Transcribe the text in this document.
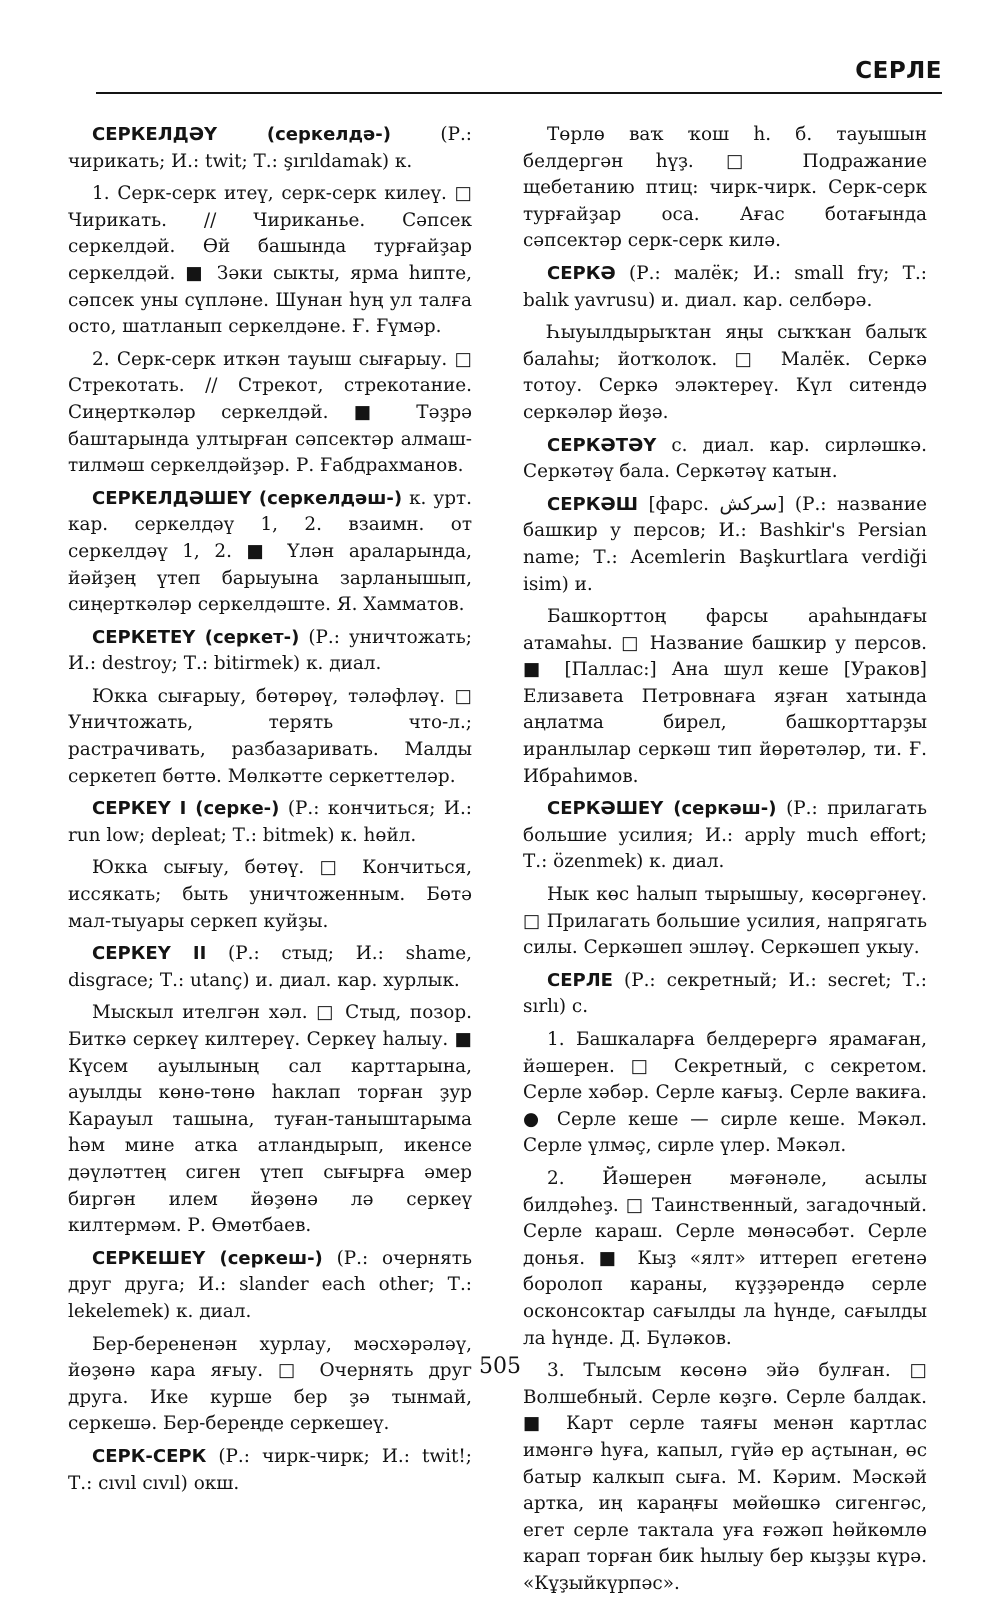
СЕРЛЕ

СЕРКЕЛДӘҮ (серкелдә-)	(Р.: чирикать; И.: twit; Т.: şırıldamak) к.

1. Серк-серк итеү, серк-серк килеү. □ Чирикать. // Чириканье. Сәпсек серкелдәй. Өй башында турғайҙар серкелдәй. ■ Зәки сыкты, ярма һипте, сәпсек уны сүпләне. Шунан һуң ул талға осто, шатланып серкелдәне. Ғ. Ғүмәр.

2. Серк-серк иткән тауыш сығарыу. □ Стрекотать. // Стрекот, стрекотание. Сиңерткәләр серкелдәй. ■ Тәҙрә баштарында ултырған сәпсектәр алмаш-тилмәш серкелдәйҙәр. Р. Ғабдрахманов.

СЕРКЕЛДӘШЕҮ (серкелдәш-) к. урт. кар. серкелдәү 1, 2. взаимн. от серкелдәү 1, 2. ■ Үлән араларында, йәйҙең үтеп барыуына зарланышып, сиңерткәләр серкелдәште. Я. Хамматов.

СЕРКЕТЕҮ (серкет-) (Р.: уничтожать; И.: destroy; Т.: bitirmek) к. диал.

Юкка сығарыу, бөтөрөү, тәләфләү. □ Уничтожать, терять что-л.; растрачивать, разбазаривать. Малды серкетеп бөттө. Мөлкәтте серкеттеләр.

СЕРКЕҮ I (серке-) (Р.: кончиться; И.: run low; depleat; Т.: bitmek) к. һөйл.

Юкка сығыу, бөтөү. □ Кончиться, иссякать; быть уничтоженным. Бөтә мал-тыуары серкеп куйҙы.

СЕРКЕҮ II (Р.: стыд; И.: shame, disgrace; Т.: utanç) и. диал. кар. хурлык.

Мыскыл ителгән хәл. □ Стыд, позор. Биткә серкеү килтереү. Серкеү һалыу. ■ Күсем ауылының сал карттарына, ауылды көнө-төнө һаклап торған ҙур Карауыл ташына, туған-таныштарыма һәм мине атка атландырып, икенсе дәүләттең сиген үтеп сығырға әмер биргән илем йөҙөнә лә серкеү килтермәм. Р. Өмөтбаев.

СЕРКЕШЕҮ (серкеш-) (Р.: очернять друг друга; И.: slander each other; Т.: lekelemek) к. диал.

Бер-берененән хурлау, мәсхәрәләү, йөҙөнә кара яғыу. □ Очернять друг друга. Ике курше бер ҙә тынмай, серкешә. Бер-береңде серкешеү.

СЕРК-СЕРК (Р.: чирк-чирк; И.: twit!; Т.: cıvıl cıvıl) окш.

Төрлө ваҡ ҡош һ. б. тауышын белдергән һүҙ. □ Подражание щебетанию птиц: чирк-чирк. Серк-серк турғайҙар оса. Ағас ботағында сәпсектәр серк-серк килә.

СЕРКӘ (Р.: малёк; И.: small fry; Т.: balık yavrusu) и. диал. кар. селбәрә.

Һыуылдырыҡтан яңы сыҡҡан балыҡ балаһы; йотҡолоҡ. □ Малёк. Серкә тотоу. Серкә эләктереү. Күл ситендә серкәләр йөҙә.

СЕРКӘТӘҮ с. диал. кар. сирләшкә. Серкәтәү бала. Серкәтәү катын.

СЕРКӘШ [фарс. سرکش] (Р.: название башкир у персов; И.: Bashkir's Persian name; Т.: Acemlerin Başkurtlara verdiği isim) и.

Башкорттоң фарсы араһындағы атамаһы. □ Название башкир у персов. ■ [Паллас:] Ана шул кеше [Ураков] Елизавета Петровнаға яҙған хатында аңлатма бирел, башкорттарҙы иранлылар серкәш тип йөрөтәләр, ти. Ғ. Ибраһимов.

СЕРКӘШЕҮ (серкәш-) (Р.: прилагать большие усилия; И.: apply much effort; Т.: özenmek) к. диал.

Нык көс һалып тырышыу, көсөргәнеү. □ Прилагать большие усилия, напрягать силы. Серкәшеп эшләү. Серкәшеп укыу.

СЕРЛЕ (Р.: секретный; И.: secret; Т.: sırlı) с.

1. Башкаларға белдерергә ярамаған, йәшерен. □ Секретный, с секретом. Серле хәбәр. Серле кағыҙ. Серле вакиға. ● Серле кеше — сирле кеше. Мәкәл. Серле үлмәҫ, сирле үлер. Мәкәл.

2. Йәшерен мәғәнәле, асылы билдәһеҙ. □ Таинственный, загадочный. Серле караш. Серле мөнәсәбәт. Серле донья. ■ Кыҙ «ялт» иттереп егетенә боролоп караны, күҙҙәрендә серле осконсоктар сағылды ла һүнде, сағылды ла һүнде. Д. Бүләков.

3. Тылсым көсөнә эйә булған. □ Волшебный. Серле көҙгө. Серле балдак. ■ Карт серле таяғы менән картлас имәнгә һуға, капыл, гүйә ер аҫтынан, өс батыр калкып сыға. М. Кәрим. Мәскәй артка, иң караңғы мөйөшкә сигенгәс, егет серле тактала уға ғәжәп һөйкөмлө карап торған бик һылыу бер кыҙҙы күрә. «Кұҙыйкүрпәс».

505
